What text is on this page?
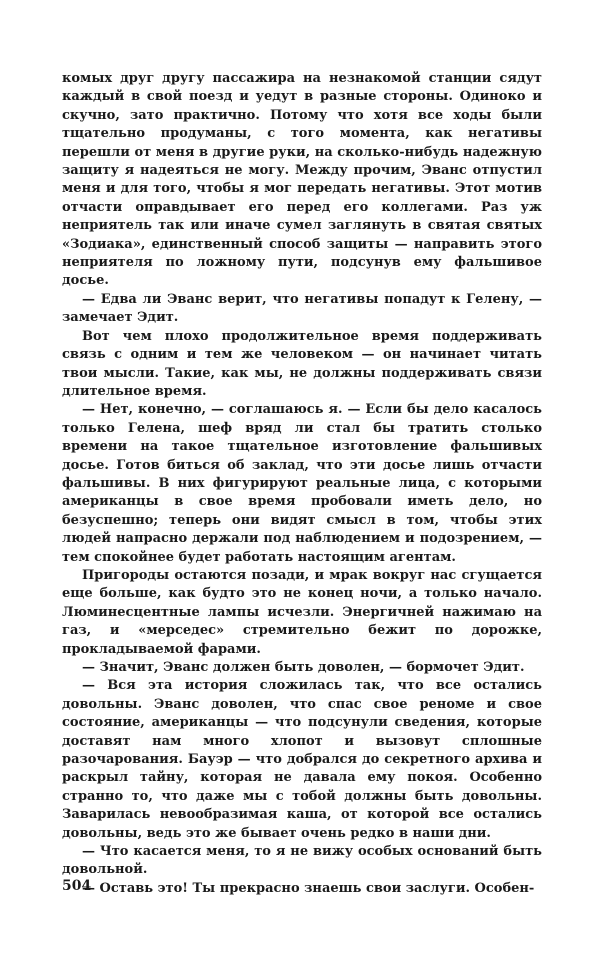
комых друг другу пассажира на незнакомой станции сядут каждый в свой поезд и уедут в разные стороны. Одиноко и скучно, зато практично. Потому что хотя все ходы были тщательно продуманы, с того момента, как негативы перешли от меня в другие руки, на сколько-нибудь надежную защиту я надеяться не могу. Между прочим, Эванс отпустил меня и для того, чтобы я мог передать негативы. Этот мотив отчасти оправдывает его перед его коллегами. Раз уж неприятель так или иначе сумел заглянуть в святая святых «Зодиака», единственный способ защиты — направить этого неприятеля по ложному пути, подсунув ему фальшивое досье.

— Едва ли Эванс верит, что негативы попадут к Гелену, — замечает Эдит.

Вот чем плохо продолжительное время поддерживать связь с одним и тем же человеком — он начинает читать твои мысли. Такие, как мы, не должны поддерживать связи длительное время.

— Нет, конечно, — соглашаюсь я. — Если бы дело касалось только Гелена, шеф вряд ли стал бы тратить столько времени на такое тщательное изготовление фальшивых досье. Готов биться об заклад, что эти досье лишь отчасти фальшивы. В них фигурируют реальные лица, с которыми американцы в свое время пробовали иметь дело, но безуспешно; теперь они видят смысл в том, чтобы этих людей напрасно держали под наблюдением и подозрением, — тем спокойнее будет работать настоящим агентам.

Пригороды остаются позади, и мрак вокруг нас сгущается еще больше, как будто это не конец ночи, а только начало. Люминесцентные лампы исчезли. Энергичней нажимаю на газ, и «мерседес» стремительно бежит по дорожке, прокладываемой фарами.

— Значит, Эванс должен быть доволен, — бормочет Эдит.

— Вся эта история сложилась так, что все остались довольны. Эванс доволен, что спас свое реноме и свое состояние, американцы — что подсунули сведения, которые доставят нам много хлопот и вызовут сплошные разочарования. Бауэр — что добрался до секретного архива и раскрыл тайну, которая не давала ему покоя. Особенно странно то, что даже мы с тобой должны быть довольны. Заварилась невообразимая каша, от которой все остались довольны, ведь это же бывает очень редко в наши дни.

— Что касается меня, то я не вижу особых оснований быть довольной.

— Оставь это! Ты прекрасно знаешь свои заслуги. Особен-

504
